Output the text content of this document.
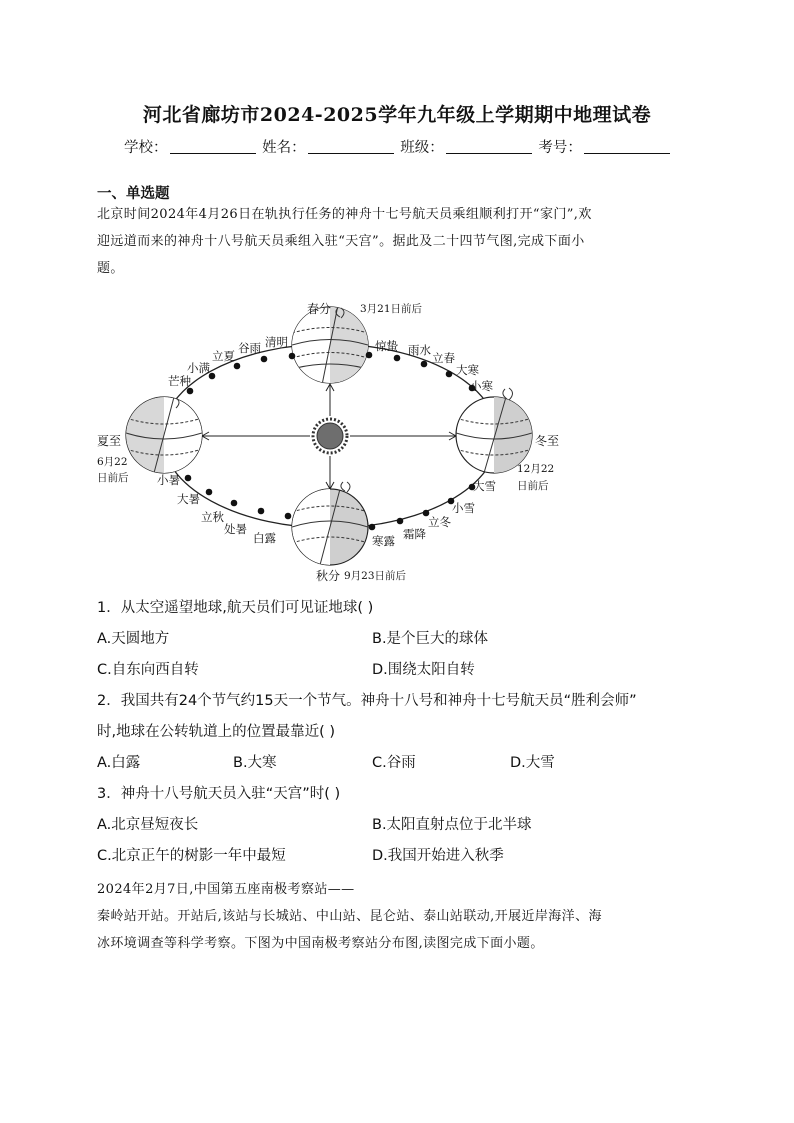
河北省廊坊市2024-2025学年九年级上学期期中地理试卷
学校：	姓名：	班级：	考号：
一、单选题
北京时间2024年4月26日在轨执行任务的神舟十七号航天员乘组顺利打开“家门”,欢
迎远道而来的神舟十八号航天员乘组入驻“天宫”。据此及二十四节气图,完成下面小
题。
春分	3月21日前后
清明
谷雨
立夏
小满
芒种
惊蛰 雨水
立春
大寒
小寒
夏至
6月22
日前后
冬至
12月22
日前后
小暑
大暑
立秋
处暑
白露	寒露 霜降
立冬
小雪
大雪
秋分 9月23日前后
1．从太空遥望地球,航天员们可见证地球( )
A.天圆地方	B.是个巨大的球体
C.自东向西自转	D.围绕太阳自转
2．我国共有24个节气约15天一个节气。神舟十八号和神舟十七号航天员“胜利会师”
时,地球在公转轨道上的位置最靠近( )
A.白露	B.大寒	C.谷雨	D.大雪
3．神舟十八号航天员入驻“天宫”时( )
A.北京昼短夜长	B.太阳直射点位于北半球
C.北京正午的树影一年中最短	D.我国开始进入秋季
2024年2月7日,中国第五座南极考察站——
秦岭站开站。开站后,该站与长城站、中山站、昆仑站、泰山站联动,开展近岸海洋、海
冰环境调查等科学考察。下图为中国南极考察站分布图,读图完成下面小题。
